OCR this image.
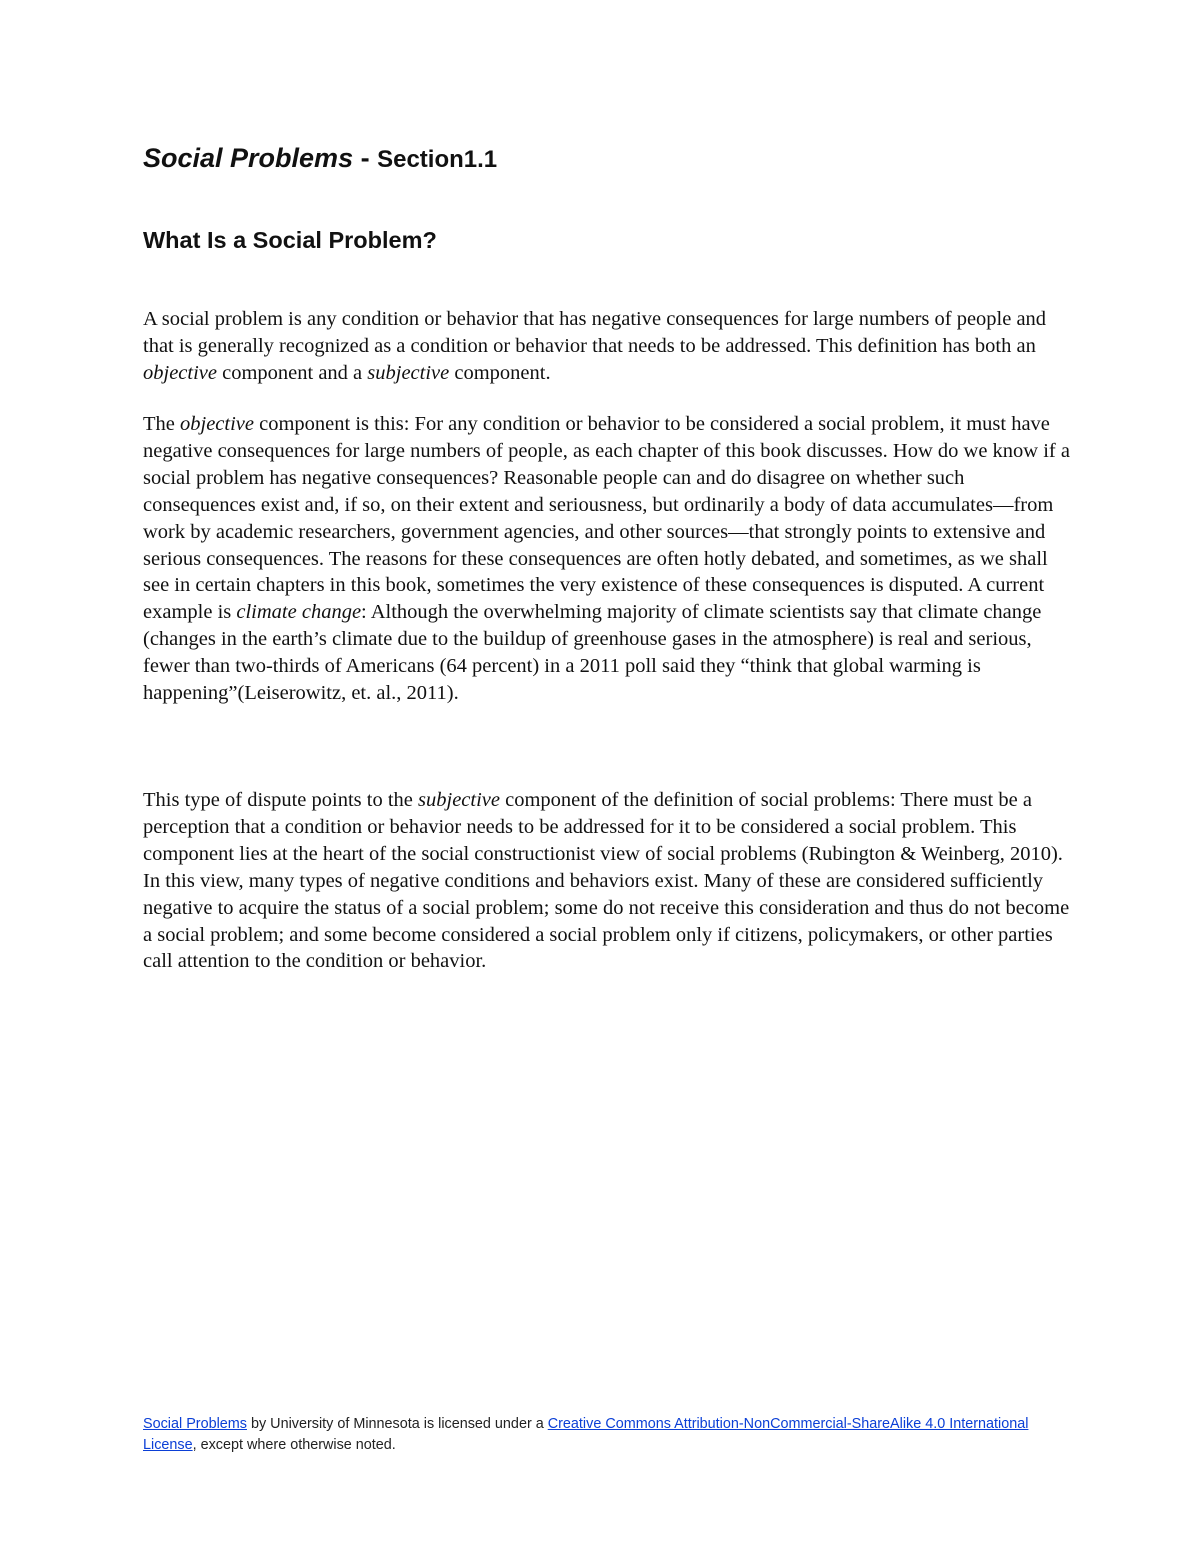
Social Problems - Section1.1
What Is a Social Problem?

A social problem is any condition or behavior that has negative consequences for large numbers of people and that is generally recognized as a condition or behavior that needs to be addressed. This definition has both an objective component and a subjective component.

The objective component is this: For any condition or behavior to be considered a social problem, it must have negative consequences for large numbers of people, as each chapter of this book discusses. How do we know if a social problem has negative consequences? Reasonable people can and do disagree on whether such consequences exist and, if so, on their extent and seriousness, but ordinarily a body of data accumulates—from work by academic researchers, government agencies, and other sources—that strongly points to extensive and serious consequences. The reasons for these consequences are often hotly debated, and sometimes, as we shall see in certain chapters in this book, sometimes the very existence of these consequences is disputed. A current example is climate change: Although the overwhelming majority of climate scientists say that climate change (changes in the earth’s climate due to the buildup of greenhouse gases in the atmosphere) is real and serious, fewer than two-thirds of Americans (64 percent) in a 2011 poll said they “think that global warming is happening”(Leiserowitz, et. al., 2011).

This type of dispute points to the subjective component of the definition of social problems: There must be a perception that a condition or behavior needs to be addressed for it to be considered a social problem. This component lies at the heart of the social constructionist view of social problems (Rubington & Weinberg, 2010). In this view, many types of negative conditions and behaviors exist. Many of these are considered sufficiently negative to acquire the status of a social problem; some do not receive this consideration and thus do not become a social problem; and some become considered a social problem only if citizens, policymakers, or other parties call attention to the condition or behavior.

Social Problems by University of Minnesota is licensed under a Creative Commons Attribution-NonCommercial-ShareAlike 4.0 International License, except where otherwise noted.
